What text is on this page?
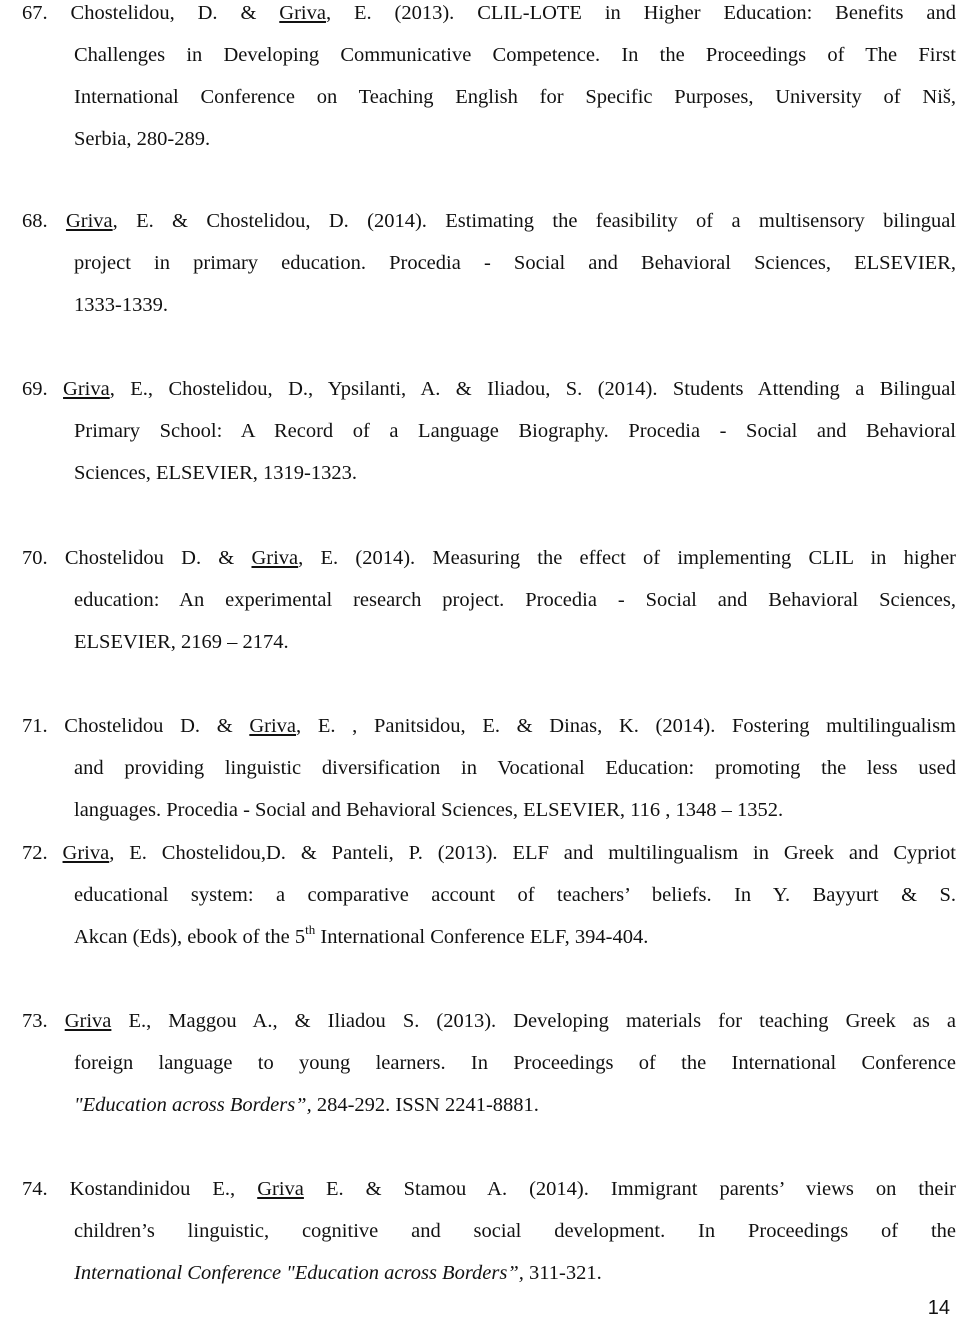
67. Chostelidou, D. & Griva, E. (2013). CLIL-LOTE in Higher Education: Benefits and
Challenges in Developing Communicative Competence. In the Proceedings of The First
International Conference on Teaching English for Specific Purposes, University of Niš,
Serbia, 280-289.
68. Griva, E. & Chostelidou, D. (2014). Estimating the feasibility of a multisensory bilingual
project in primary education. Procedia - Social and Behavioral Sciences, ELSEVIER,
1333-1339.
69. Griva, E., Chostelidou, D., Ypsilanti, A. & Iliadou, S. (2014). Students Attending a Bilingual
Primary School: A Record of a Language Biography. Procedia - Social and Behavioral
Sciences, ELSEVIER, 1319-1323.
70. Chostelidou D. & Griva, E. (2014). Measuring the effect of implementing CLIL in higher
education: An experimental research project. Procedia - Social and Behavioral Sciences,
ELSEVIER, 2169 – 2174.
71. Chostelidou D. & Griva, E. , Panitsidou, E. & Dinas, K. (2014). Fostering multilingualism
and providing linguistic diversification in Vocational Education: promoting the less used
languages. Procedia - Social and Behavioral Sciences, ELSEVIER, 116 , 1348 – 1352.
72. Griva, E. Chostelidou,D. & Panteli, P. (2013). ELF and multilingualism in Greek and Cypriot
educational system: a comparative account of teachers’ beliefs. In Y. Bayyurt & S.
Akcan (Eds), ebook of the 5th International Conference ELF, 394-404.
73. Griva E., Maggou A., & Iliadou S. (2013). Developing materials for teaching Greek as a
foreign language to young learners. In Proceedings of the International Conference
"Education across Borders”, 284-292. ISSN 2241-8881.
74. Kostandinidou E., Griva E. & Stamou A. (2014). Immigrant parents’ views on their
children’s linguistic, cognitive and social development. In Proceedings of the
International Conference "Education across Borders”, 311-321.
14
